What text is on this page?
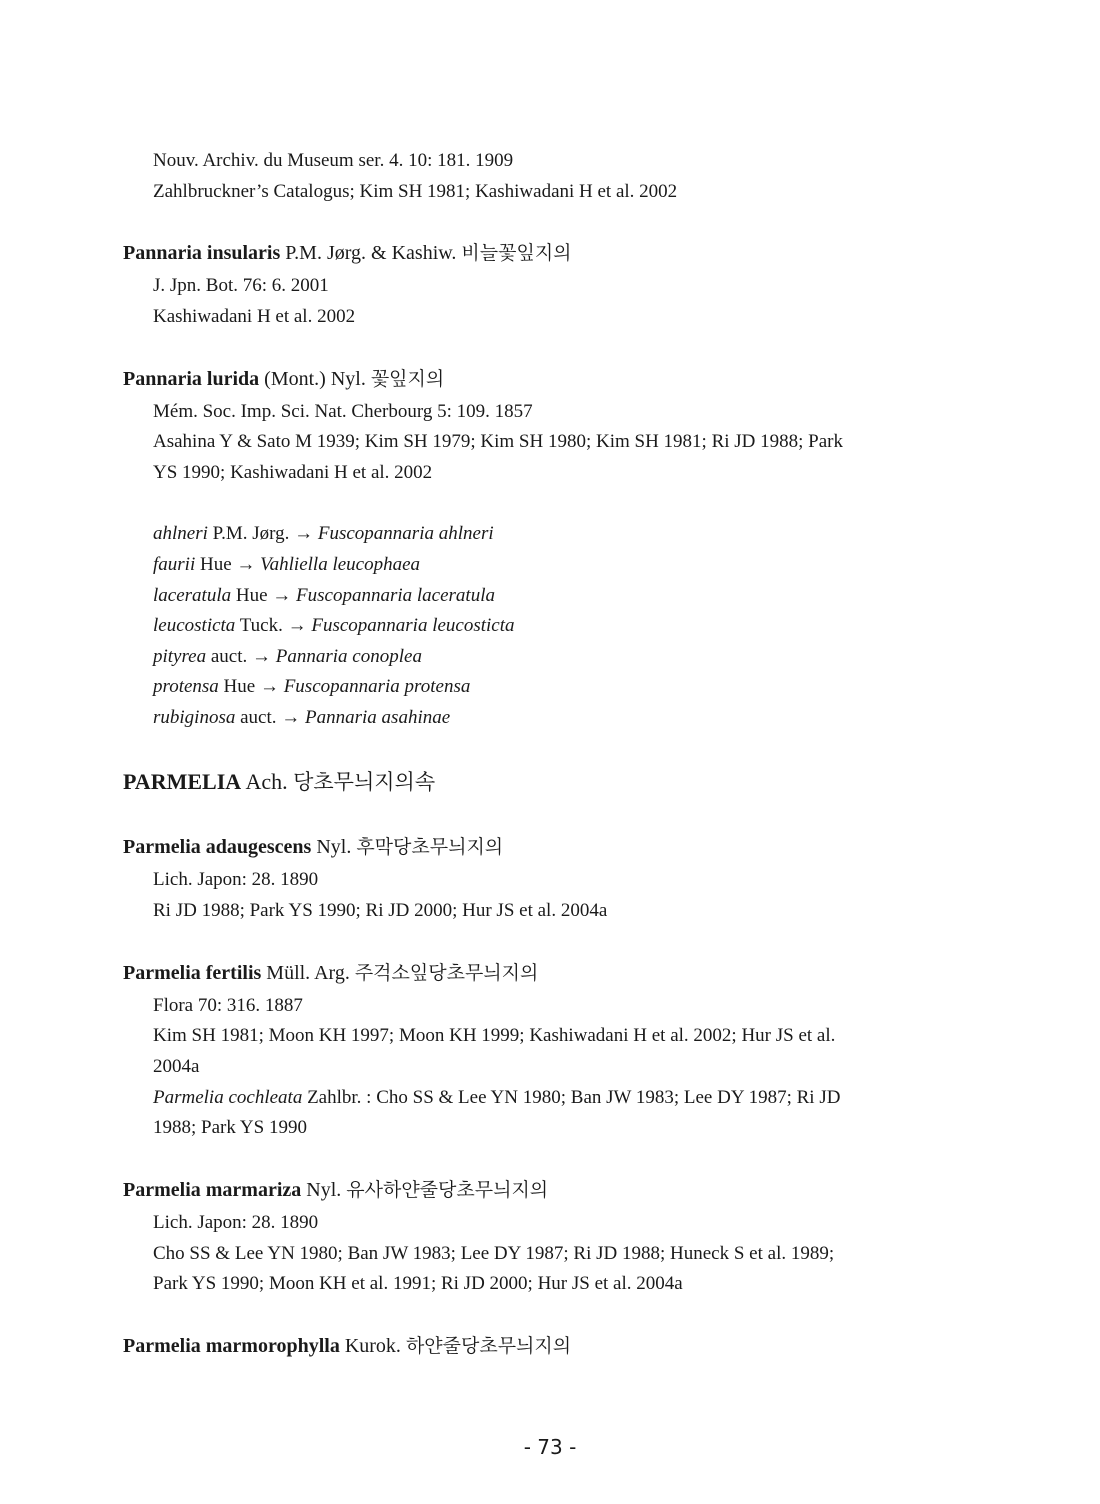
Nouv. Archiv. du Museum ser. 4. 10: 181. 1909
Zahlbruckner’s Catalogus; Kim SH 1981; Kashiwadani H et al. 2002
Pannaria insularis P.M. Jørg. & Kashiw. 비늘꽃잎지의
J. Jpn. Bot. 76: 6. 2001
Kashiwadani H et al. 2002
Pannaria lurida (Mont.) Nyl. 꽃잎지의
Mém. Soc. Imp. Sci. Nat. Cherbourg 5: 109. 1857
Asahina Y & Sato M 1939; Kim SH 1979; Kim SH 1980; Kim SH 1981; Ri JD 1988; Park
YS 1990; Kashiwadani H et al. 2002
ahlneri P.M. Jørg. → Fuscopannaria ahlneri
faurii Hue → Vahliella leucophaea
laceratula Hue → Fuscopannaria laceratula
leucosticta Tuck. → Fuscopannaria leucosticta
pityrea auct. → Pannaria conoplea
protensa Hue → Fuscopannaria protensa
rubiginosa auct. → Pannaria asahinae
PARMELIA Ach. 당초무늬지의속
Parmelia adaugescens Nyl. 후막당초무늬지의
Lich. Japon: 28. 1890
Ri JD 1988; Park YS 1990; Ri JD 2000; Hur JS et al. 2004a
Parmelia fertilis Müll. Arg. 주걱소잎당초무늬지의
Flora 70: 316. 1887
Kim SH 1981; Moon KH 1997; Moon KH 1999; Kashiwadani H et al. 2002; Hur JS et al.
2004a
Parmelia cochleata Zahlbr. : Cho SS & Lee YN 1980; Ban JW 1983; Lee DY 1987; Ri JD
1988; Park YS 1990
Parmelia marmariza Nyl. 유사하얀줄당초무늬지의
Lich. Japon: 28. 1890
Cho SS & Lee YN 1980; Ban JW 1983; Lee DY 1987; Ri JD 1988; Huneck S et al. 1989;
Park YS 1990; Moon KH et al. 1991; Ri JD 2000; Hur JS et al. 2004a
Parmelia marmorophylla Kurok. 하얀줄당초무늬지의
- 73 -
